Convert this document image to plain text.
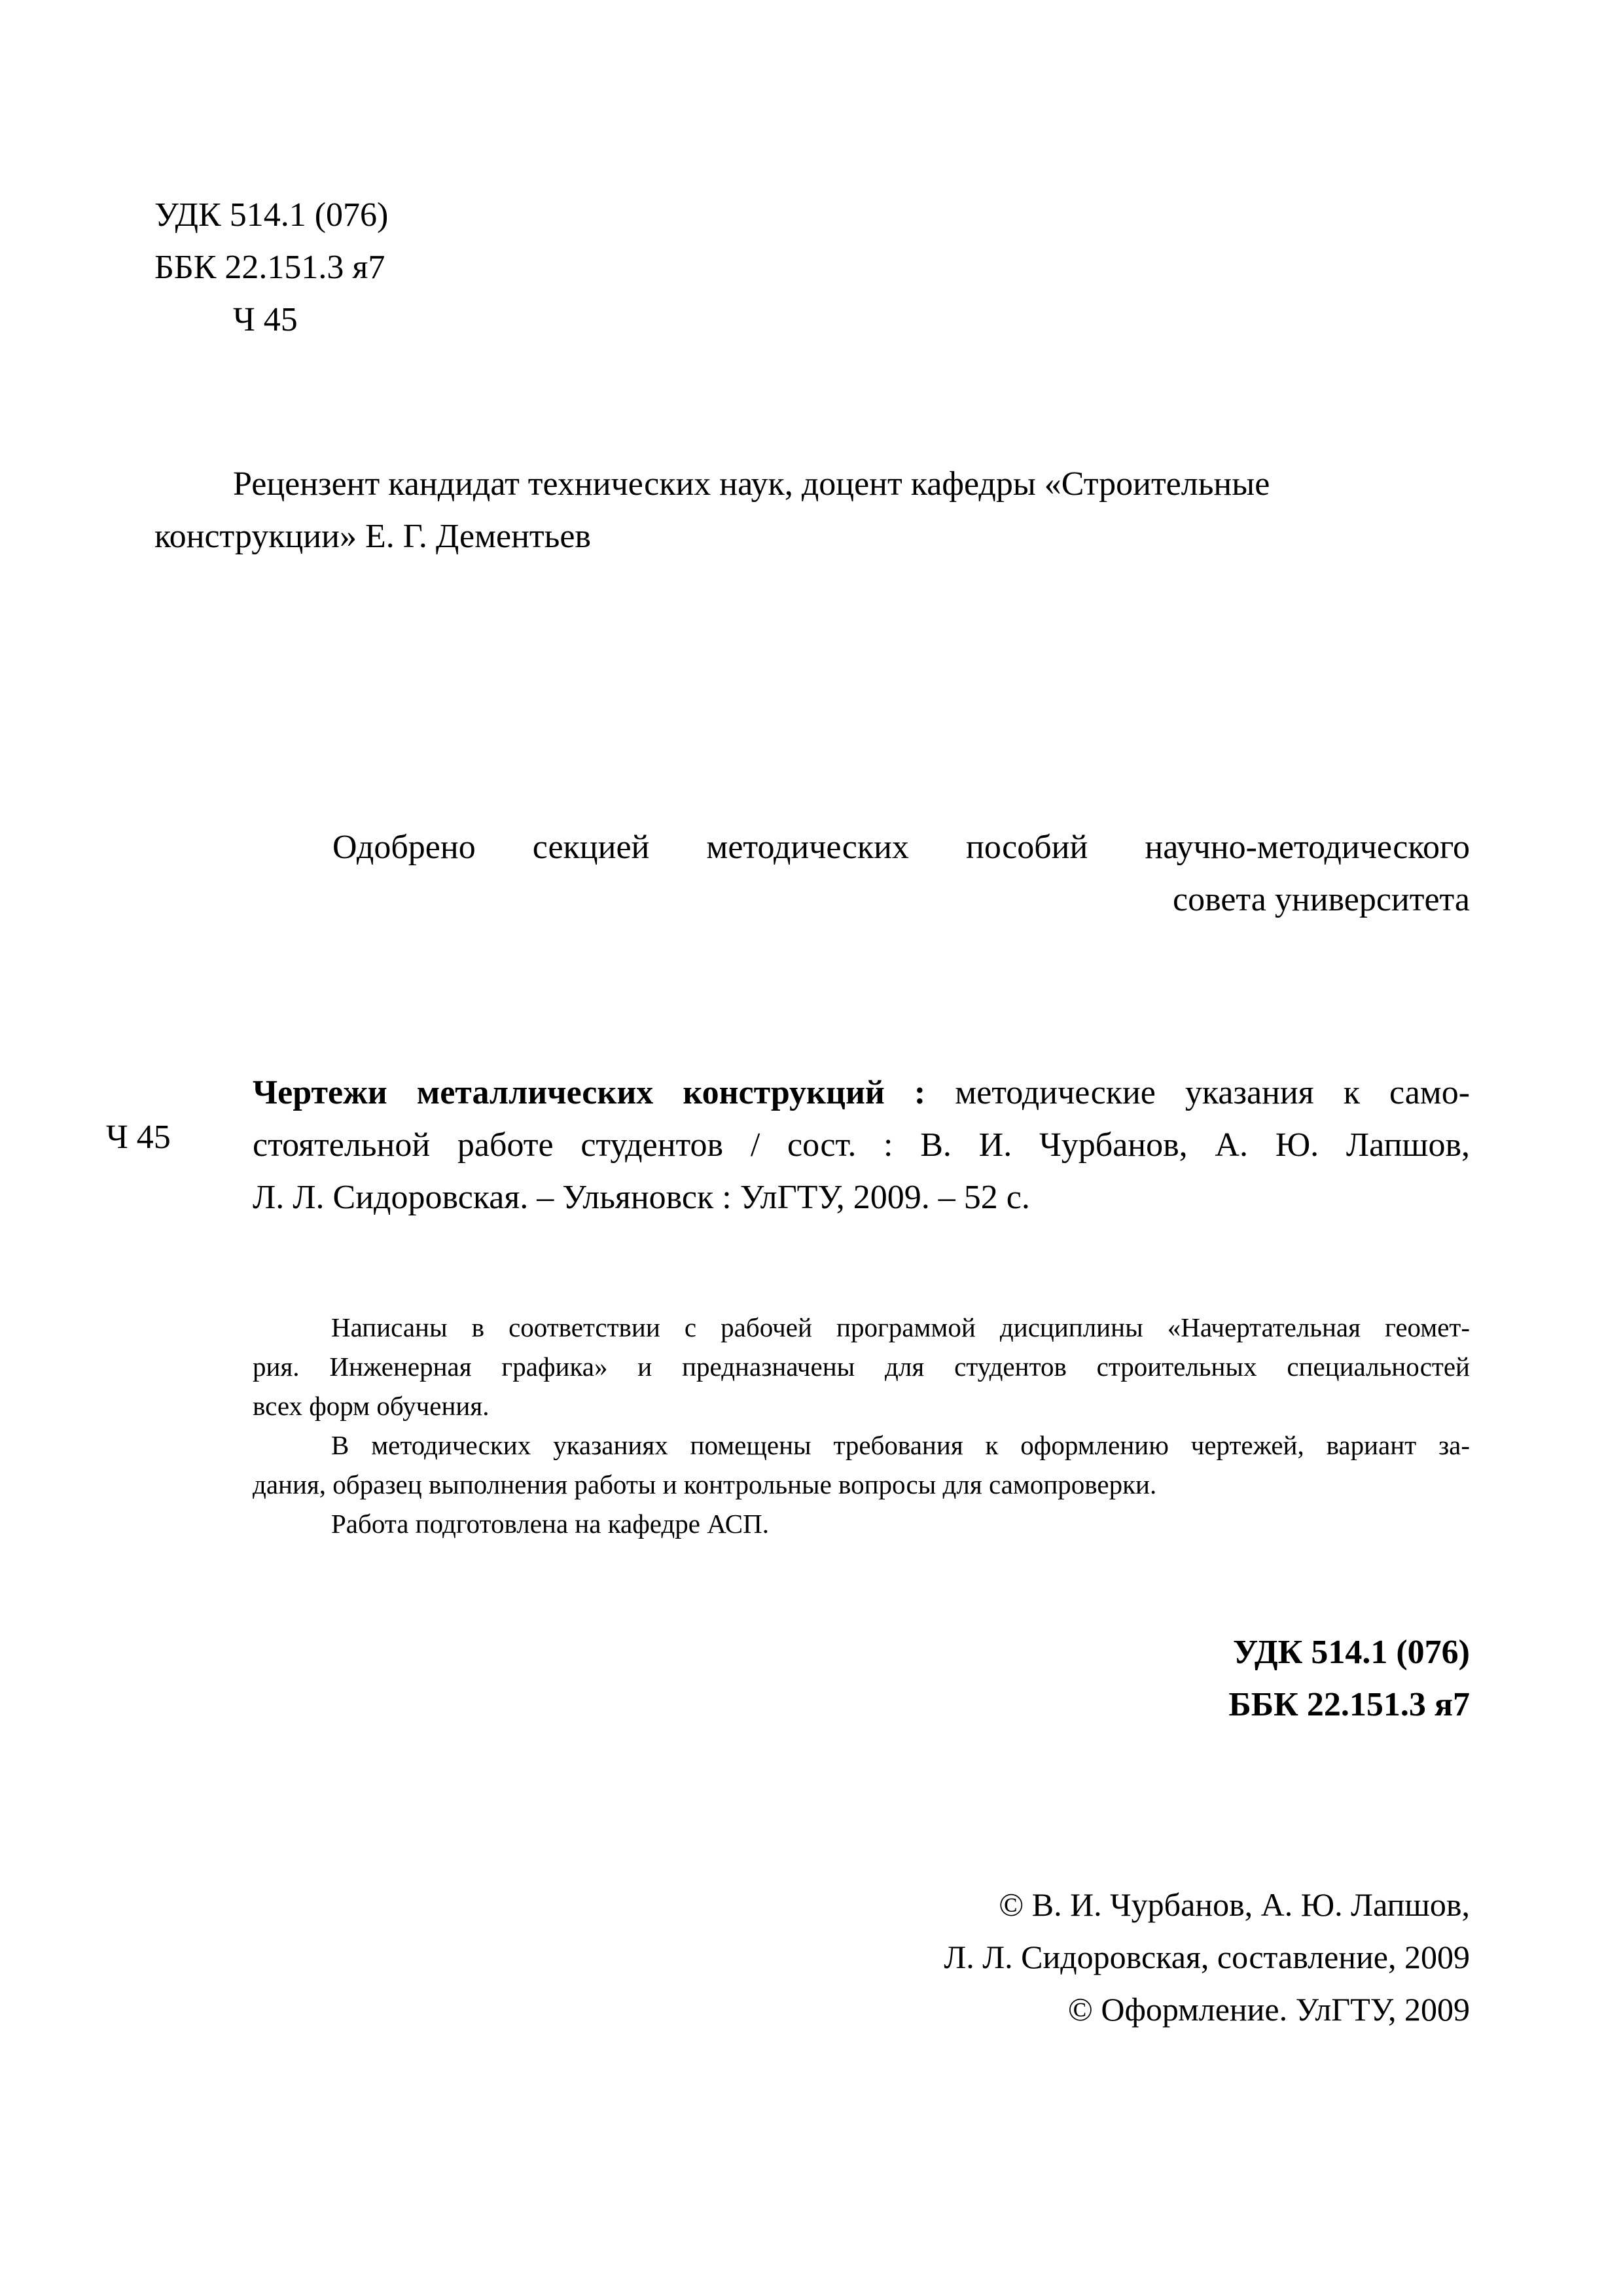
УДК 514.1 (076)
ББК 22.151.3 я7
Ч 45
Рецензент кандидат технических наук, доцент кафедры «Строительные
конструкции» Е. Г. Дементьев
Одобрено секцией методических пособий научно-методического
совета университета
Ч 45
Чертежи металлических конструкций : методические указания к само-
стоятельной работе студентов / сост. : В. И. Чурбанов, А. Ю. Лапшов,
Л. Л. Сидоровская. – Ульяновск : УлГТУ, 2009. – 52 с.
Написаны в соответствии с рабочей программой дисциплины «Начертательная геомет-
рия. Инженерная графика» и предназначены для студентов строительных специальностей
всех форм обучения.
В методических указаниях помещены требования к оформлению чертежей, вариант за-
дания, образец выполнения работы и контрольные вопросы для самопроверки.
Работа подготовлена на кафедре АСП.
УДК 514.1 (076)
ББК 22.151.3 я7
© В. И. Чурбанов, А. Ю. Лапшов,
Л. Л. Сидоровская, составление, 2009
© Оформление. УлГТУ, 2009
